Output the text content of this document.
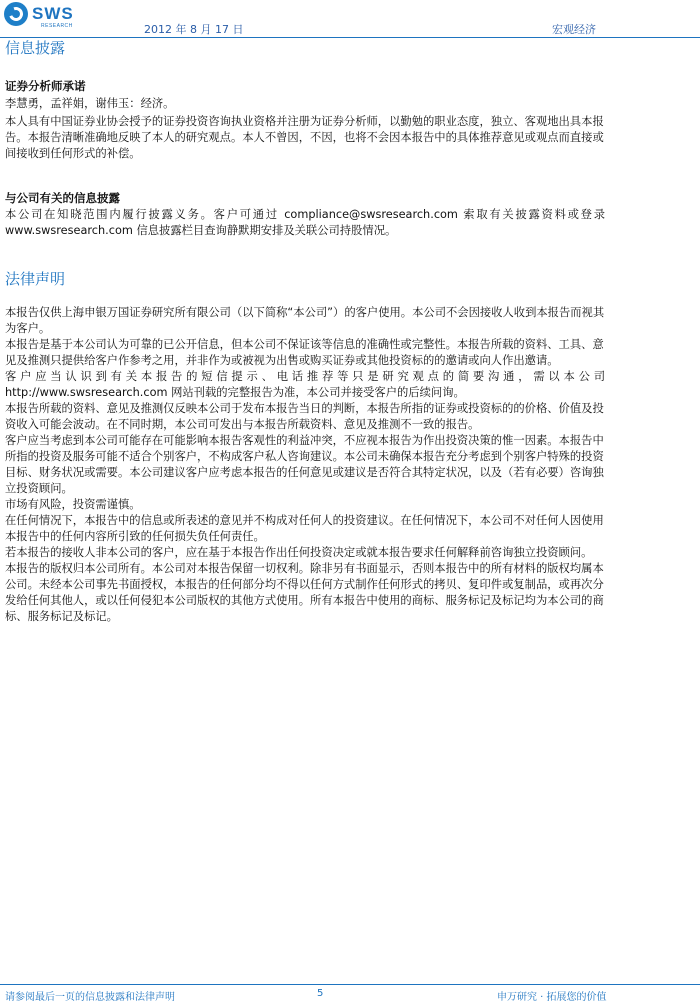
SWS
RESEARCH	2012 年 8 月 17 日	宏观经济
信息披露
证券分析师承诺
李慧勇，孟祥娟，谢伟玉：经济。
本人具有中国证券业协会授予的证券投资咨询执业资格并注册为证券分析师，以勤勉的职业态度，独立、客观地出具本报告。本报告清晰准确地反映了本人的研究观点。本人不曾因，不因，也将不会因本报告中的具体推荐意见或观点而直接或间接收到任何形式的补偿。
与公司有关的信息披露

本公司在知晓范围内履行披露义务。客户可通过 compliance@swsresearch.com 索取有关披露资料或登录

www.swsresearch.com 信息披露栏目查询静默期安排及关联公司持股情况。

法律声明

本报告仅供上海申银万国证券研究所有限公司（以下简称“本公司”）的客户使用。本公司不会因接收人收到本报告而视其为客户。

本报告是基于本公司认为可靠的已公开信息，但本公司不保证该等信息的准确性或完整性。本报告所载的资料、工具、意见及推测只提供给客户作参考之用，并非作为或被视为出售或购买证券或其他投资标的的邀请或向人作出邀请。

客户应当认识到有关本报告的短信提示、电话推荐等只是研究观点的简要沟通，需以本公司

http://www.swsresearch.com 网站刊载的完整报告为准，本公司并接受客户的后续问询。

本报告所载的资料、意见及推测仅反映本公司于发布本报告当日的判断，本报告所指的证券或投资标的的价格、价值及投资收入可能会波动。在不同时期，本公司可发出与本报告所载资料、意见及推测不一致的报告。

客户应当考虑到本公司可能存在可能影响本报告客观性的利益冲突，不应视本报告为作出投资决策的惟一因素。本报告中所指的投资及服务可能不适合个别客户，不构成客户私人咨询建议。本公司未确保本报告充分考虑到个别客户特殊的投资目标、财务状况或需要。本公司建议客户应考虑本报告的任何意见或建议是否符合其特定状况，以及（若有必要）咨询独立投资顾问。

市场有风险，投资需谨慎。

在任何情况下，本报告中的信息或所表述的意见并不构成对任何人的投资建议。在任何情况下，本公司不对任何人因使用本报告中的任何内容所引致的任何损失负任何责任。

若本报告的接收人非本公司的客户，应在基于本报告作出任何投资决定或就本报告要求任何解释前咨询独立投资顾问。

本报告的版权归本公司所有。本公司对本报告保留一切权利。除非另有书面显示，否则本报告中的所有材料的版权均属本公司。未经本公司事先书面授权，本报告的任何部分均不得以任何方式制作任何形式的拷贝、复印件或复制品，或再次分发给任何其他人，或以任何侵犯本公司版权的其他方式使用。所有本报告中使用的商标、服务标记及标记均为本公司的商标、服务标记及标记。

请参阅最后一页的信息披露和法律声明	5	申万研究 · 拓展您的价值
